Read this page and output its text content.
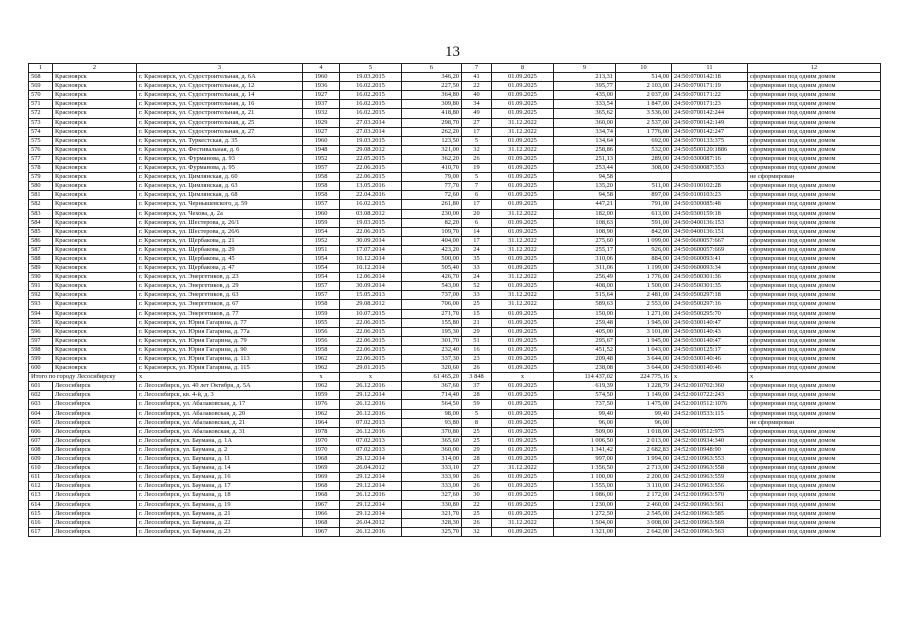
13
1	2	3	4	5	6	7	8	9	10	11	12
568	Красноярск	г. Красноярск, ул. Судостроительная, д. 6А	1960	19.03.2015	346,20	41	01.09.2025	213,31	514,00	24:50:0700142:18	сформирован под одним домом
569	Красноярск	г. Красноярск, ул. Судостроительная, д. 12	1936	16.02.2015	227,50	22	01.09.2025	395,77	2 103,00	24:50:0700171:19	сформирован под одним домом
570	Красноярск	г. Красноярск, ул. Судостроительная, д. 14	1927	16.02.2015	364,80	40	01.09.2025	435,00	2 037,00	24:50:0700171:22	сформирован под одним домом
571	Красноярск	г. Красноярск, ул. Судостроительная, д. 16	1937	16.02.2015	309,80	34	01.09.2025	333,54	1 847,00	24:50:0700171:23	сформирован под одним домом
572	Красноярск	г. Красноярск, ул. Судостроительная, д. 21	1932	16.02.2015	418,80	49	01.09.2025	365,62	3 536,00	24:50:0700142:244	сформирован под одним домом
573	Красноярск	г. Красноярск, ул. Судостроительная, д. 25	1929	27.03.2014	298,70	27	31.12.2022	360,00	2 537,00	24:50:0700142:149	сформирован под одним домом
574	Красноярск	г. Красноярск, ул. Судостроительная, д. 27	1927	27.03.2014	262,20	17	31.12.2022	334,74	1 776,00	24:50:0700142:247	сформирован под одним домом
575	Красноярск	г. Красноярск, ул. Туркестская, д. 35	1960	19.03.2015	123,50	5	01.09.2025	134,64	692,00	24:50:0700133:375	сформирован под одним домом
576	Красноярск	г. Красноярск, ул. Фестивальная, д. 6	1948	29.08.2012	321,00	32	31.12.2022	258,86	532,00	24:50:0500120:1886	сформирован под одним домом
577	Красноярск	г. Красноярск, ул. Фурманова, д. 93	1952	22.05.2015	362,20	26	01.09.2025	251,13	289,00	24:50:0300087:16	сформирован под одним домом
578	Красноярск	г. Красноярск, ул. Фурманова, д. 95	1957	22.06.2015	410,70	19	01.09.2025	253,44	308,00	24:50:0300087:353	сформирован под одним домом
579	Красноярск	г. Красноярск, ул. Цимлянская, д. 60	1958	22.06.2015	79,00	5	01.09.2025	94,58			не сформирован
580	Красноярск	г. Красноярск, ул. Цимлянская, д. 63	1958	13.05.2016	77,70	7	01.09.2025	135,20	511,00	24:50:0100102:28	сформирован под одним домом
581	Красноярск	г. Красноярск, ул. Цимлянская, д. 68	1958	22.04.2016	72,60	6	01.09.2025	94,58	897,00	24:50:0100103:23	сформирован под одним домом
582	Красноярск	г. Красноярск, ул. Чернышевского, д. 59	1957	16.02.2015	261,80	17	01.09.2025	447,21	791,00	24:50:0300085:48	сформирован под одним домом
583	Красноярск	г. Красноярск, ул. Чехова, д. 2а	1960	03.08.2012	230,00	20	31.12.2022	182,00	613,00	24:50:0300159:18	сформирован под одним домом
584	Красноярск	г. Красноярск, ул. Шестерова, д. 26/1	1959	19.03.2015	82,20	6	01.09.2025	108,63	591,00	24:50:0400136:153	сформирован под одним домом
585	Красноярск	г. Красноярск, ул. Шестерова, д. 26/6	1954	22.06.2015	109,70	14	01.09.2025	108,90	842,00	24:50:0400136:151	сформирован под одним домом
586	Красноярск	г. Красноярск, ул. Щербакова, д. 21	1952	30.09.2014	404,00	17	31.12.2022	275,60	1 099,00	24:50:0600057:667	сформирован под одним домом
587	Красноярск	г. Красноярск, ул. Щербакова, д. 29	1951	17.07.2014	423,20	24	31.12.2022	255,17	926,00	24:50:0600057:669	сформирован под одним домом
588	Красноярск	г. Красноярск, ул. Щербакова, д. 45	1954	10.12.2014	500,00	35	01.09.2025	310,06	884,00	24:50:0600093:41	сформирован под одним домом
589	Красноярск	г. Красноярск, ул. Щербакова, д. 47	1954	10.12.2014	505,40	33	01.09.2025	311,06	1 199,00	24:50:0600093:34	сформирован под одним домом
590	Красноярск	г. Красноярск, ул. Энергетиков, д. 23	1954	12.06.2014	426,70	24	31.12.2022	256,49	1 776,00	24:50:0500301:36	сформирован под одним домом
591	Красноярск	г. Красноярск, ул. Энергетиков, д. 29	1957	30.09.2014	543,00	52	01.09.2025	408,00	1 500,00	24:50:0500301:35	сформирован под одним домом
592	Красноярск	г. Красноярск, ул. Энергетиков, д. 63	1957	15.05.2013	737,00	33	31.12.2022	515,64	2 481,00	24:50:0500297:18	сформирован под одним домом
593	Красноярск	г. Красноярск, ул. Энергетиков, д. 67	1958	29.08.2012	706,00	25	31.12.2022	589,63	2 553,00	24:50:0500297:16	сформирован под одним домом
594	Красноярск	г. Красноярск, ул. Энергетиков, д. 77	1959	10.07.2015	271,70	15	01.09.2025	150,00	1 271,00	24:50:0500295:70	сформирован под одним домом
595	Красноярск	г. Красноярск, ул. Юрия Гагарина, д. 77	1955	22.06.2015	155,80	21	01.09.2025	259,48	1 945,00	24:50:0300140:47	сформирован под одним домом
596	Красноярск	г. Красноярск, ул. Юрия Гагарина, д. 77а	1956	22.06.2015	195,30	29	01.09.2025	405,00	3 101,00	24:50:0300140:43	сформирован под одним домом
597	Красноярск	г. Красноярск, ул. Юрия Гагарина, д. 79	1956	22.06.2015	301,70	51	01.09.2025	295,67	1 945,00	24:50:0300140:47	сформирован под одним домом
598	Красноярск	г. Красноярск, ул. Юрия Гагарина, д. 90	1958	22.06.2015	232,40	16	01.09.2025	451,52	1 043,00	24:50:0300125:17	сформирован под одним домом
599	Красноярск	г. Красноярск, ул. Юрия Гагарина, д. 113	1962	22.06.2015	337,30	23	01.09.2025	209,48	3 644,00	24:50:0300140:46	сформирован под одним домом
600	Красноярск	г. Красноярск, ул. Юрия Гагарина, д. 115	1962	29.01.2015	320,60	26	01.09.2025	238,08	3 644,00	24:50:0300140:46	сформирован под одним домом
Итого по городу Лесосибирску		x	x	x	61 465,20	3 848	x	114 437,02	224 775,16	x	x
601	Лесосибирск	г. Лесосибирск, ул. 40 лет Октября, д. 5А	1962	26.12.2016	367,60	37	01.09.2025	619,39	1 228,79	24:52:0010702:360	сформирован под одним домом
602	Лесосибирск	г. Лесосибирск, кв. 4-й, д. 3	1959	29.12.2014	714,40	28	01.09.2025	574,50	1 149,00	24:52:0010722:243	сформирован под одним домом
603	Лесосибирск	г. Лесосибирск, ул. Абалаковская, д. 17	1976	26.12.2016	564,50	59	01.09.2025	737,50	1 475,00	24:52:0010512:1076	сформирован под одним домом
604	Лесосибирск	г. Лесосибирск, ул. Абалаковская, д. 20	1962	26.12.2016	98,00	5	01.09.2025	99,40	99,40	24:52:0010533:115	сформирован под одним домом
605	Лесосибирск	г. Лесосибирск, ул. Абалаковская, д. 21	1964	07.02.2013	93,80	8	01.09.2025	96,00	96,00		не сформирован
606	Лесосибирск	г. Лесосибирск, ул. Абалаковская, д. 31	1978	26.12.2016	370,80	25	01.09.2025	509,00	1 018,00	24:52:0010512:975	сформирован под одним домом
607	Лесосибирск	г. Лесосибирск, ул. Баумана, д. 1А	1970	07.02.2013	365,60	25	01.09.2025	1 006,50	2 013,00	24:52:0010934:340	сформирован под одним домом
608	Лесосибирск	г. Лесосибирск, ул. Баумана, д. 2	1970	07.02.2013	360,00	29	01.09.2025	1 341,42	2 682,83	24:52:0010948:90	сформирован под одним домом
609	Лесосибирск	г. Лесосибирск, ул. Баумана, д. 11	1968	29.12.2014	314,00	28	01.09.2025	997,00	1 994,00	24:52:0010963:553	сформирован под одним домом
610	Лесосибирск	г. Лесосибирск, ул. Баумана, д. 14	1969	26.04.2012	333,10	27	31.12.2022	1 356,50	2 713,00	24:52:0010963:558	сформирован под одним домом
611	Лесосибирск	г. Лесосибирск, ул. Баумана, д. 16	1969	29.12.2014	333,90	26	01.09.2025	1 100,00	2 200,00	24:52:0010963:559	сформирован под одним домом
612	Лесосибирск	г. Лесосибирск, ул. Баумана, д. 17	1968	29.12.2014	333,00	26	01.09.2025	1 555,00	3 110,00	24:52:0010963:556	сформирован под одним домом
613	Лесосибирск	г. Лесосибирск, ул. Баумана, д. 18	1968	26.12.2016	327,60	30	01.09.2025	1 086,00	2 172,00	24:52:0010963:570	сформирован под одним домом
614	Лесосибирск	г. Лесосибирск, ул. Баумана, д. 19	1967	29.12.2014	330,80	22	01.09.2025	1 230,00	2 460,00	24:52:0010963:561	сформирован под одним домом
615	Лесосибирск	г. Лесосибирск, ул. Баумана, д. 21	1966	29.12.2014	321,70	25	01.09.2025	1 272,50	2 545,00	24:52:0010963:585	сформирован под одним домом
616	Лесосибирск	г. Лесосибирск, ул. Баумана, д. 22	1968	26.04.2012	328,30	26	31.12.2022	1 504,00	3 008,00	24:52:0010963:569	сформирован под одним домом
617	Лесосибирск	г. Лесосибирск, ул. Баумана, д. 23	1967	26.12.2016	325,70	32	01.09.2025	1 321,00	2 642,00	24:52:0010963:563	сформирован под одним домом
